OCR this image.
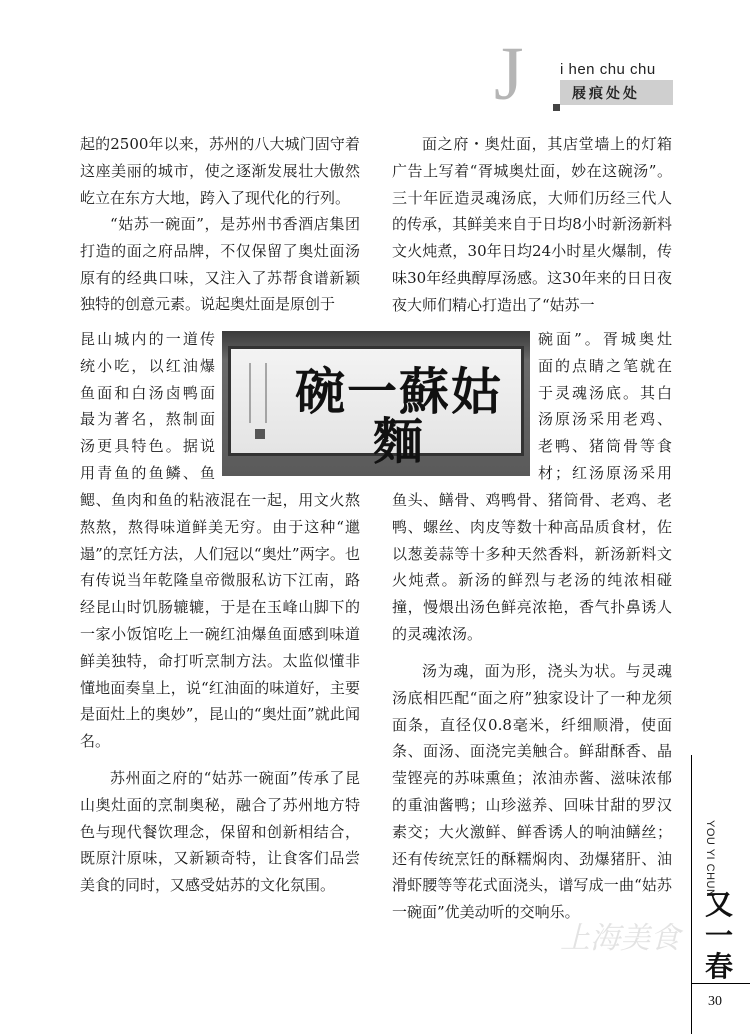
J i hen chu chu
屐痕处处

起的2500年以来，苏州的八大城门固守着这座美丽的城市，使之逐渐发展壮大傲然屹立在东方大地，跨入了现代化的行列。

“姑苏一碗面”，是苏州书香酒店集团打造的面之府品牌，不仅保留了奥灶面汤原有的经典口味，又注入了苏帮食谱新颖独特的创意元素。说起奥灶面是原创于

昆山城内的一道传
统小吃，以红油爆
鱼面和白汤卤鸭面
最为著名，熬制面
汤更具特色。据说
用青鱼的鱼鳞、鱼

鳃、鱼肉和鱼的粘液混在一起，用文火熬熬熬，熬得味道鲜美无穷。由于这种“邋遢”的烹饪方法，人们冠以“奥灶”两字。也有传说当年乾隆皇帝微服私访下江南，路经昆山时饥肠辘辘，于是在玉峰山脚下的一家小饭馆吃上一碗红油爆鱼面感到味道鲜美独特，命打听烹制方法。太监似懂非懂地面奏皇上，说“红油面的味道好，主要是面灶上的奥妙”，昆山的“奥灶面”就此闻名。

苏州面之府的“姑苏一碗面”传承了昆山奥灶面的烹制奥秘，融合了苏州地方特色与现代餐饮理念，保留和创新相结合，既原汁原味，又新颖奇特，让食客们品尝美食的同时，又感受姑苏的文化氛围。

面之府・奥灶面，其店堂墙上的灯箱广告上写着“胥城奥灶面，妙在这碗汤”。三十年匠造灵魂汤底，大师们历经三代人的传承，其鲜美来自于日均8小时新汤新料文火炖煮，30年日均24小时星火爆制，传味30年经典醇厚汤感。这30年来的日日夜夜大师们精心打造出了“姑苏一

碗面”。胥城奥灶
面的点睛之笔就在
于灵魂汤底。其白
汤原汤采用老鸡、
老鸭、猪筒骨等食
材；红汤原汤采用

鱼头、鳝骨、鸡鸭骨、猪筒骨、老鸡、老鸭、螺丝、肉皮等数十种高品质食材，佐以葱姜蒜等十多种天然香料，新汤新料文火炖煮。新汤的鲜烈与老汤的纯浓相碰撞，慢煨出汤色鲜亮浓艳，香气扑鼻诱人的灵魂浓汤。

汤为魂，面为形，浇头为状。与灵魂汤底相匹配“面之府”独家设计了一种龙须面条，直径仅0.8毫米，纤细顺滑，使面条、面汤、面浇完美触合。鲜甜酥香、晶莹铿亮的苏味熏鱼；浓油赤酱、滋味浓郁的重油酱鸭；山珍滋养、回味甘甜的罗汉素交；大火激鲜、鲜香诱人的响油鳝丝；还有传统烹饪的酥糯焖肉、劲爆猪肝、油滑虾腰等等花式面浇头，谱写成一曲“姑苏一碗面”优美动听的交响乐。

姑蘇一碗麵
上海美食
YOU YI CHUN
又
一
春
30
